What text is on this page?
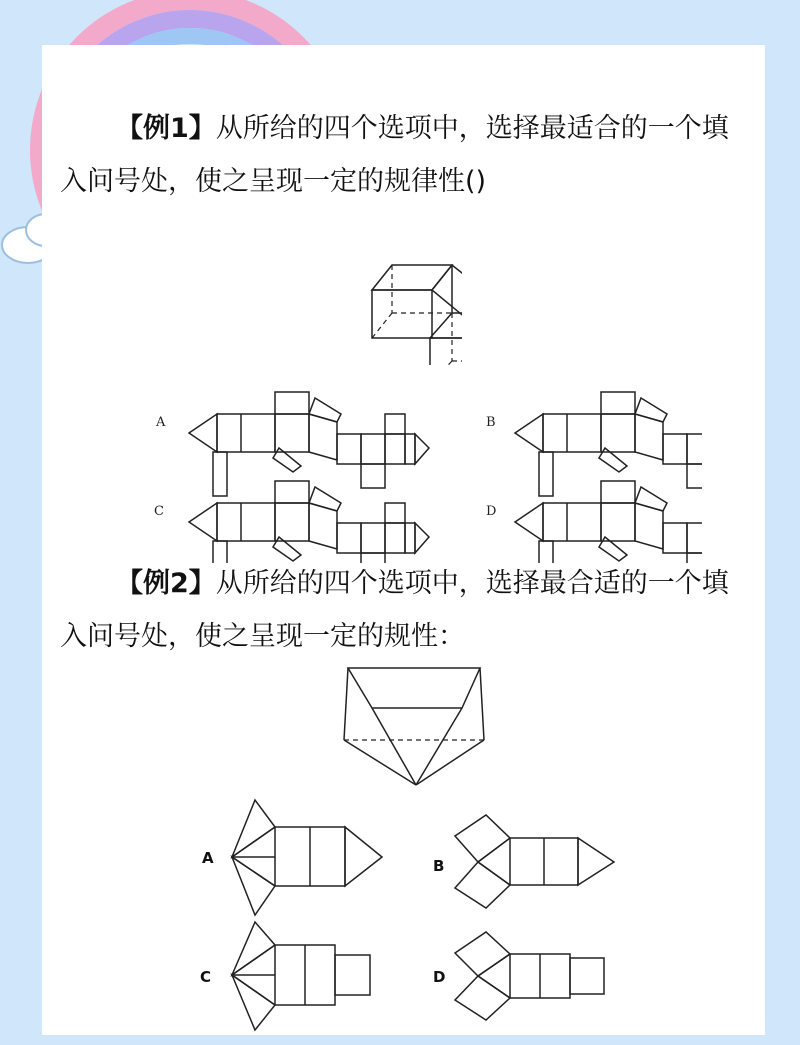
【例1】从所给的四个选项中，选择最适合的一个填入问号处，使之呈现一定的规律性()
A	B
C	D
【例2】从所给的四个选项中，选择最合适的一个填入问号处，使之呈现一定的规性：
A	B
C	D
